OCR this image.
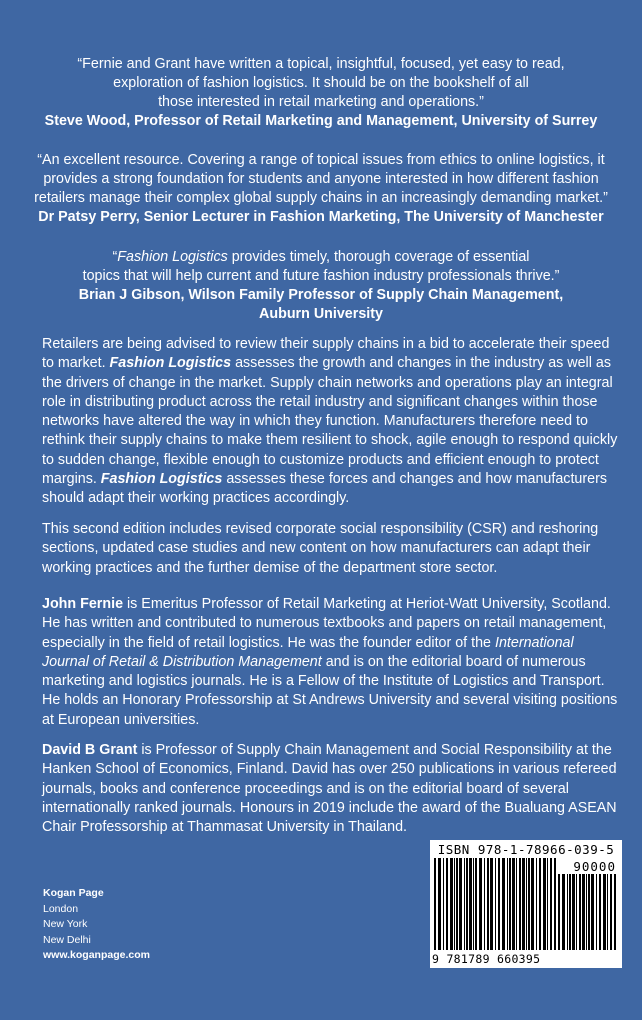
“Fernie and Grant have written a topical, insightful, focused, yet easy to read,
exploration of fashion logistics. It should be on the bookshelf of all
those interested in retail marketing and operations.”
Steve Wood, Professor of Retail Marketing and Management, University of Surrey
“An excellent resource. Covering a range of topical issues from ethics to online logistics, it
provides a strong foundation for students and anyone interested in how different fashion
retailers manage their complex global supply chains in an increasingly demanding market.”
Dr Patsy Perry, Senior Lecturer in Fashion Marketing, The University of Manchester
“Fashion Logistics provides timely, thorough coverage of essential
topics that will help current and future fashion industry professionals thrive.”
Brian J Gibson, Wilson Family Professor of Supply Chain Management,
Auburn University

Retailers are being advised to review their supply chains in a bid to accelerate their speed to market. Fashion Logistics assesses the growth and changes in the industry as well as the drivers of change in the market. Supply chain networks and operations play an integral role in distributing product across the retail industry and significant changes within those networks have altered the way in which they function. Manufacturers therefore need to rethink their supply chains to make them resilient to shock, agile enough to respond quickly to sudden change, flexible enough to customize products and efficient enough to protect margins. Fashion Logistics assesses these forces and changes and how manufacturers should adapt their working practices accordingly.

This second edition includes revised corporate social responsibility (CSR) and reshoring sections, updated case studies and new content on how manufacturers can adapt their working practices and the further demise of the department store sector.

John Fernie is Emeritus Professor of Retail Marketing at Heriot-Watt University, Scotland. He has written and contributed to numerous textbooks and papers on retail management, especially in the field of retail logistics. He was the founder editor of the International Journal of Retail & Distribution Management and is on the editorial board of numerous marketing and logistics journals. He is a Fellow of the Institute of Logistics and Transport. He holds an Honorary Professorship at St Andrews University and several visiting positions at European universities.

David B Grant is Professor of Supply Chain Management and Social Responsibility at the Hanken School of Economics, Finland. David has over 250 publications in various refereed journals, books and conference proceedings and is on the editorial board of several internationally ranked journals. Honours in 2019 include the award of the Bualuang ASEAN Chair Professorship at Thammasat University in Thailand.

Kogan Page
London
New York
New Delhi
www.koganpage.com
ISBN 978-1-78966-039-5
90000
9 781789 660395	Logistics
